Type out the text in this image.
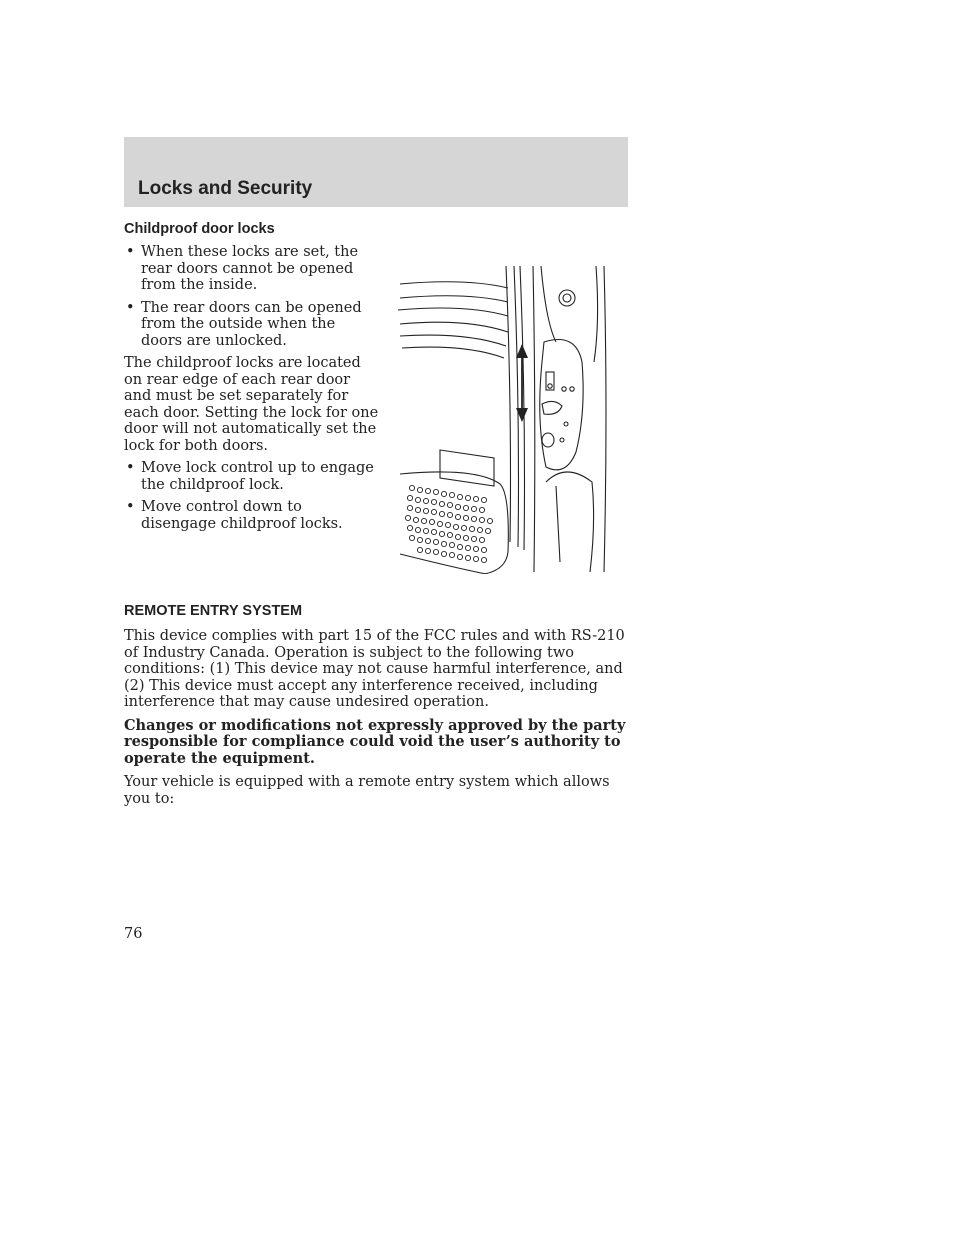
Locks and Security
Childproof door locks
• When these locks are set, the rear doors cannot be opened from the inside.
• The rear doors can be opened from the outside when the doors are unlocked.

The childproof locks are located on rear edge of each rear door and must be set separately for each door. Setting the lock for one door will not automatically set the lock for both doors.

• Move lock control up to engage the childproof lock.
• Move control down to disengage childproof locks.
REMOTE ENTRY SYSTEM

This device complies with part 15 of the FCC rules and with RS-210 of Industry Canada. Operation is subject to the following two conditions: (1) This device may not cause harmful interference, and (2) This device must accept any interference received, including interference that may cause undesired operation.

Changes or modifications not expressly approved by the party responsible for compliance could void the user’s authority to operate the equipment.

Your vehicle is equipped with a remote entry system which allows you to:

76
